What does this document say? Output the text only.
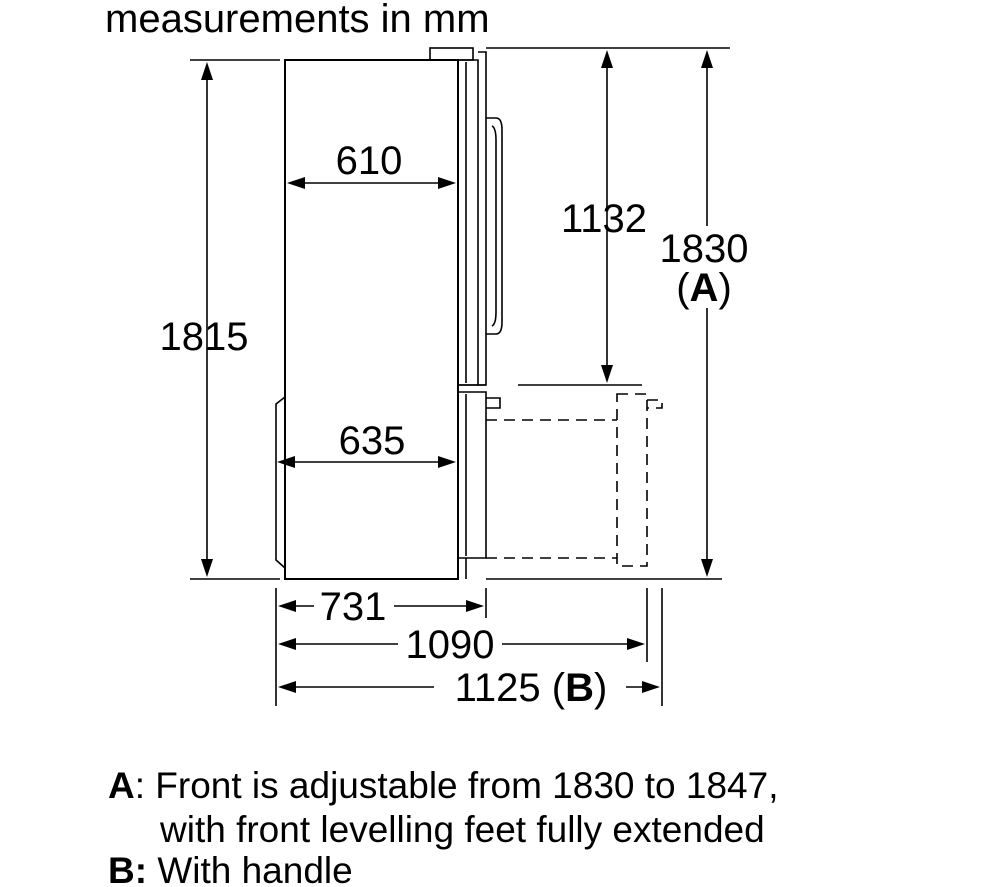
measurements in mm
610
635
1815
1132
1830
(A)
731
1090
1125 (B)
A: Front is adjustable from 1830 to 1847,
with front levelling feet fully extended
B: With handle
